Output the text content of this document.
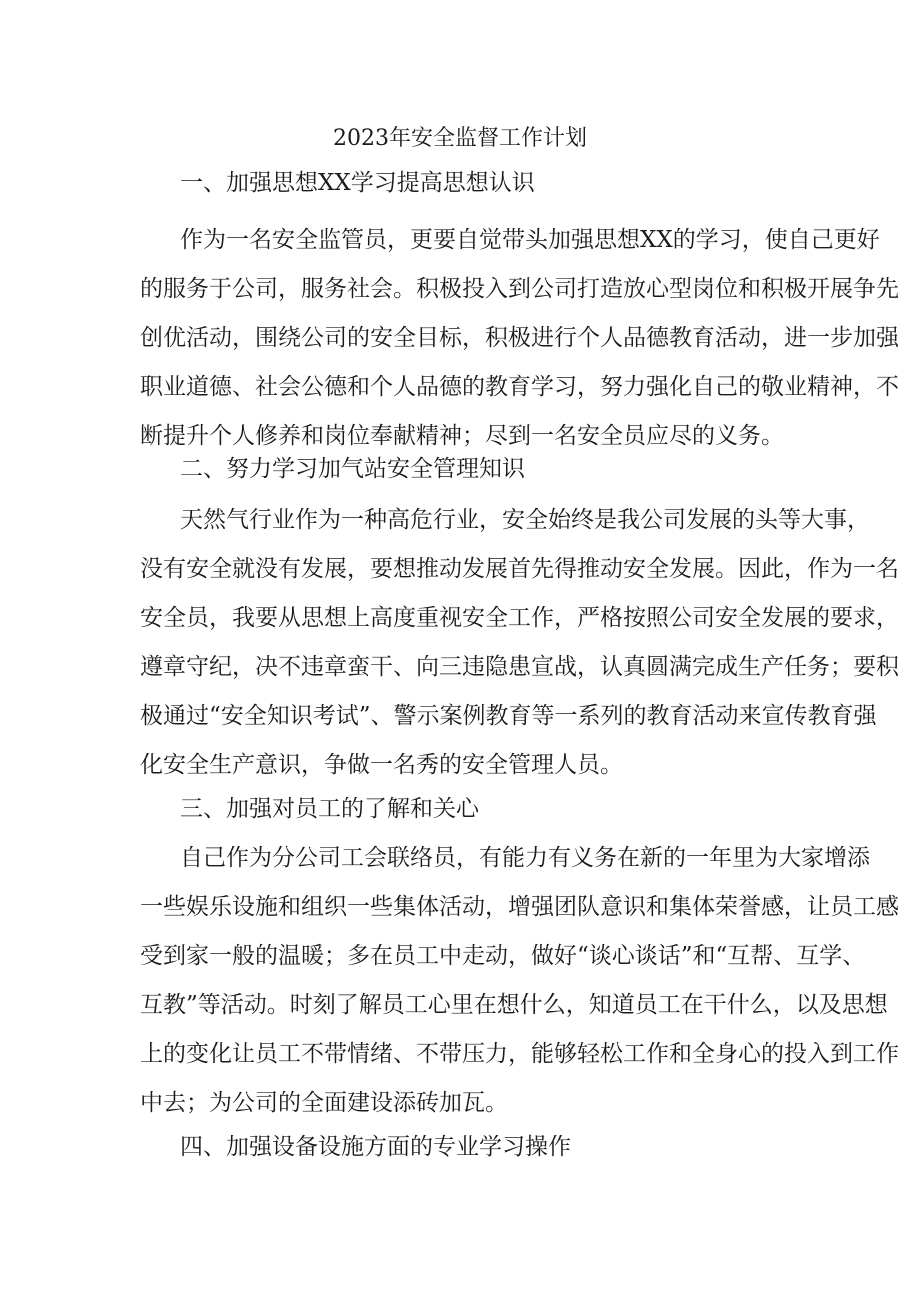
2023年安全监督工作计划
一、加强思想XX学习提高思想认识
作为一名安全监管员，更要自觉带头加强思想XX的学习，使自己更好
的服务于公司，服务社会。积极投入到公司打造放心型岗位和积极开展争先
创优活动，围绕公司的安全目标，积极进行个人品德教育活动，进一步加强
职业道德、社会公德和个人品德的教育学习，努力强化自己的敬业精神，不
断提升个人修养和岗位奉献精神；尽到一名安全员应尽的义务。
二、努力学习加气站安全管理知识
天然气行业作为一种高危行业，安全始终是我公司发展的头等大事，
没有安全就没有发展，要想推动发展首先得推动安全发展。因此，作为一名
安全员，我要从思想上高度重视安全工作，严格按照公司安全发展的要求，
遵章守纪，决不违章蛮干、向三违隐患宣战，认真圆满完成生产任务；要积
极通过“安全知识考试”、警示案例教育等一系列的教育活动来宣传教育强
化安全生产意识，争做一名秀的安全管理人员。
三、加强对员工的了解和关心
自己作为分公司工会联络员，有能力有义务在新的一年里为大家增添
一些娱乐设施和组织一些集体活动，增强团队意识和集体荣誉感，让员工感
受到家一般的温暖；多在员工中走动，做好“谈心谈话”和“互帮、互学、
互教”等活动。时刻了解员工心里在想什么，知道员工在干什么，以及思想
上的变化让员工不带情绪、不带压力，能够轻松工作和全身心的投入到工作
中去；为公司的全面建设添砖加瓦。
四、加强设备设施方面的专业学习操作
